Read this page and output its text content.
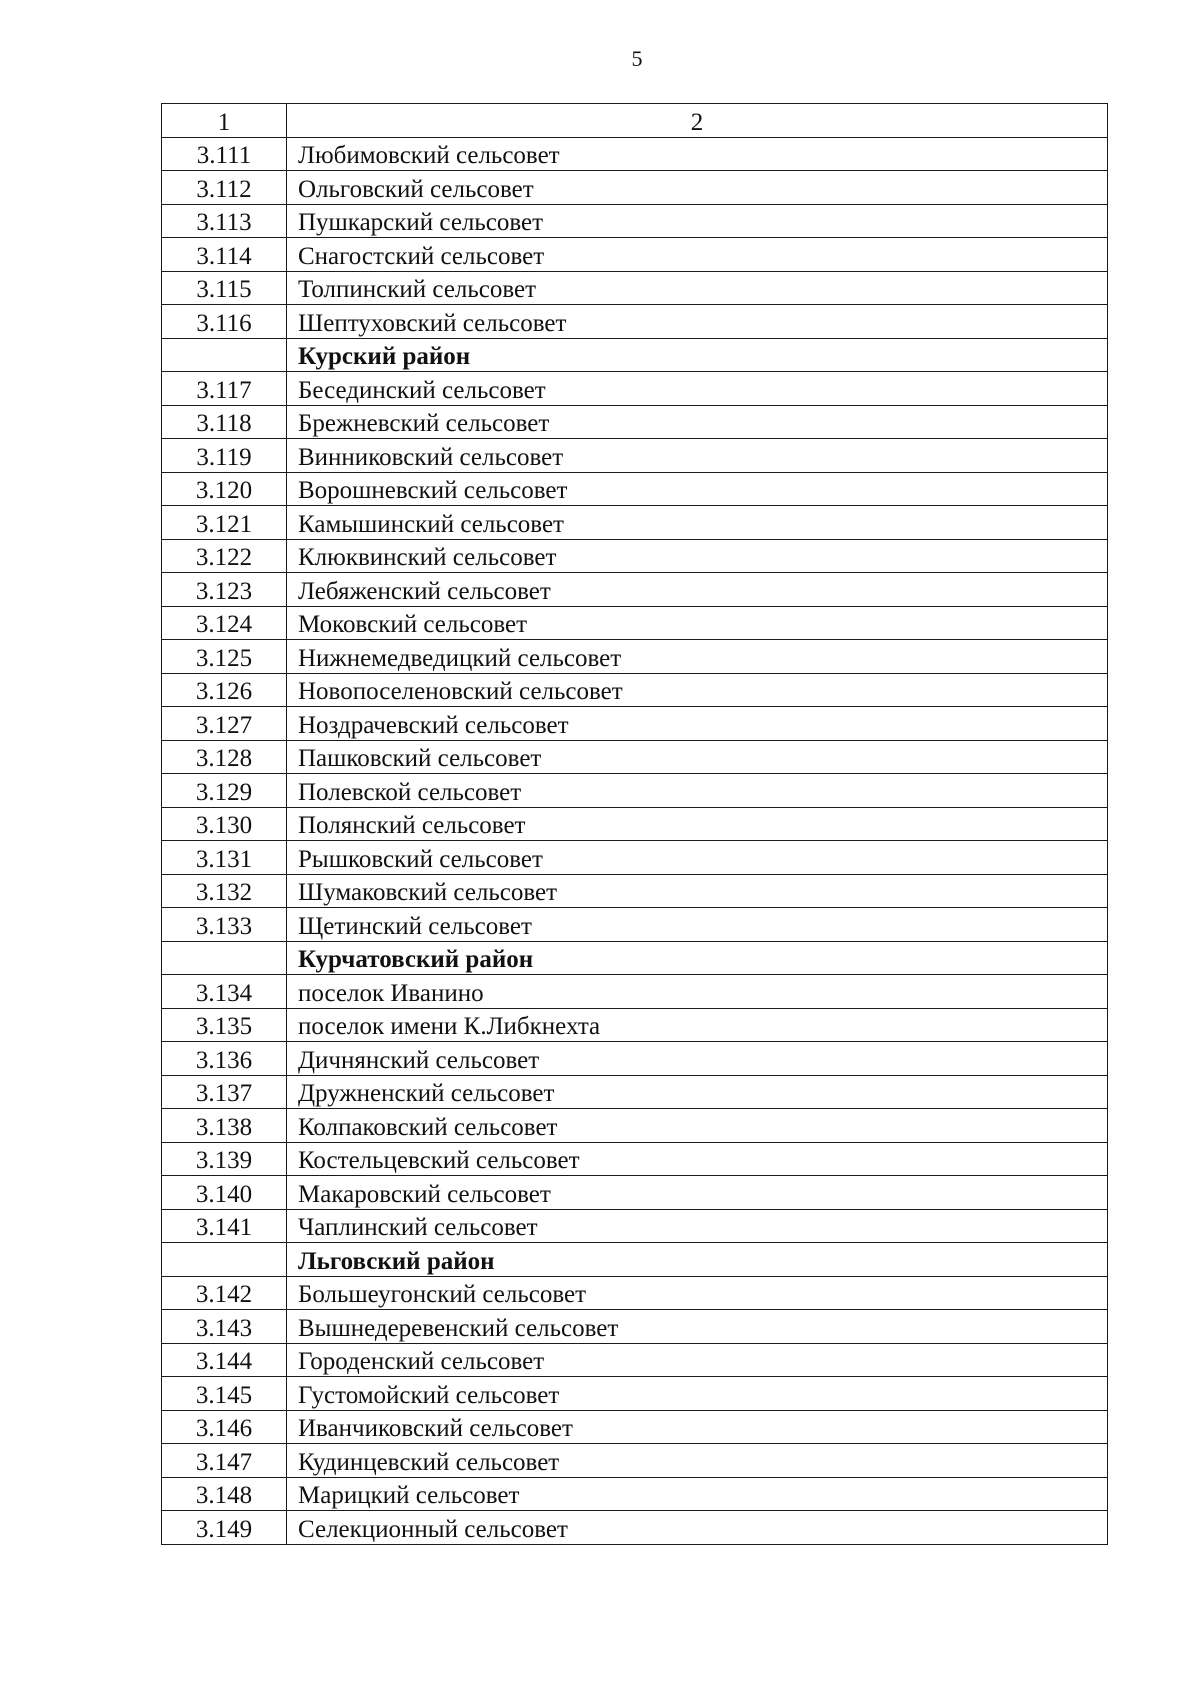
5
1	2
3.111	Любимовский сельсовет
3.112	Ольговский сельсовет
3.113	Пушкарский сельсовет
3.114	Снагостский сельсовет
3.115	Толпинский сельсовет
3.116	Шептуховский сельсовет
	Курский район
3.117	Бесединский сельсовет
3.118	Брежневский сельсовет
3.119	Винниковский сельсовет
3.120	Ворошневский сельсовет
3.121	Камышинский сельсовет
3.122	Клюквинский сельсовет
3.123	Лебяженский сельсовет
3.124	Моковский сельсовет
3.125	Нижнемедведицкий сельсовет
3.126	Новопоселеновский сельсовет
3.127	Ноздрачевский сельсовет
3.128	Пашковский сельсовет
3.129	Полевской сельсовет
3.130	Полянский сельсовет
3.131	Рышковский сельсовет
3.132	Шумаковский сельсовет
3.133	Щетинский сельсовет
	Курчатовский район
3.134	поселок Иванино
3.135	поселок имени К.Либкнехта
3.136	Дичнянский сельсовет
3.137	Дружненский сельсовет
3.138	Колпаковский сельсовет
3.139	Костельцевский сельсовет
3.140	Макаровский сельсовет
3.141	Чаплинский сельсовет
	Льговский район
3.142	Большеугонский сельсовет
3.143	Вышнедеревенский сельсовет
3.144	Городенский сельсовет
3.145	Густомойский сельсовет
3.146	Иванчиковский сельсовет
3.147	Кудинцевский сельсовет
3.148	Марицкий сельсовет
3.149	Селекционный сельсовет
